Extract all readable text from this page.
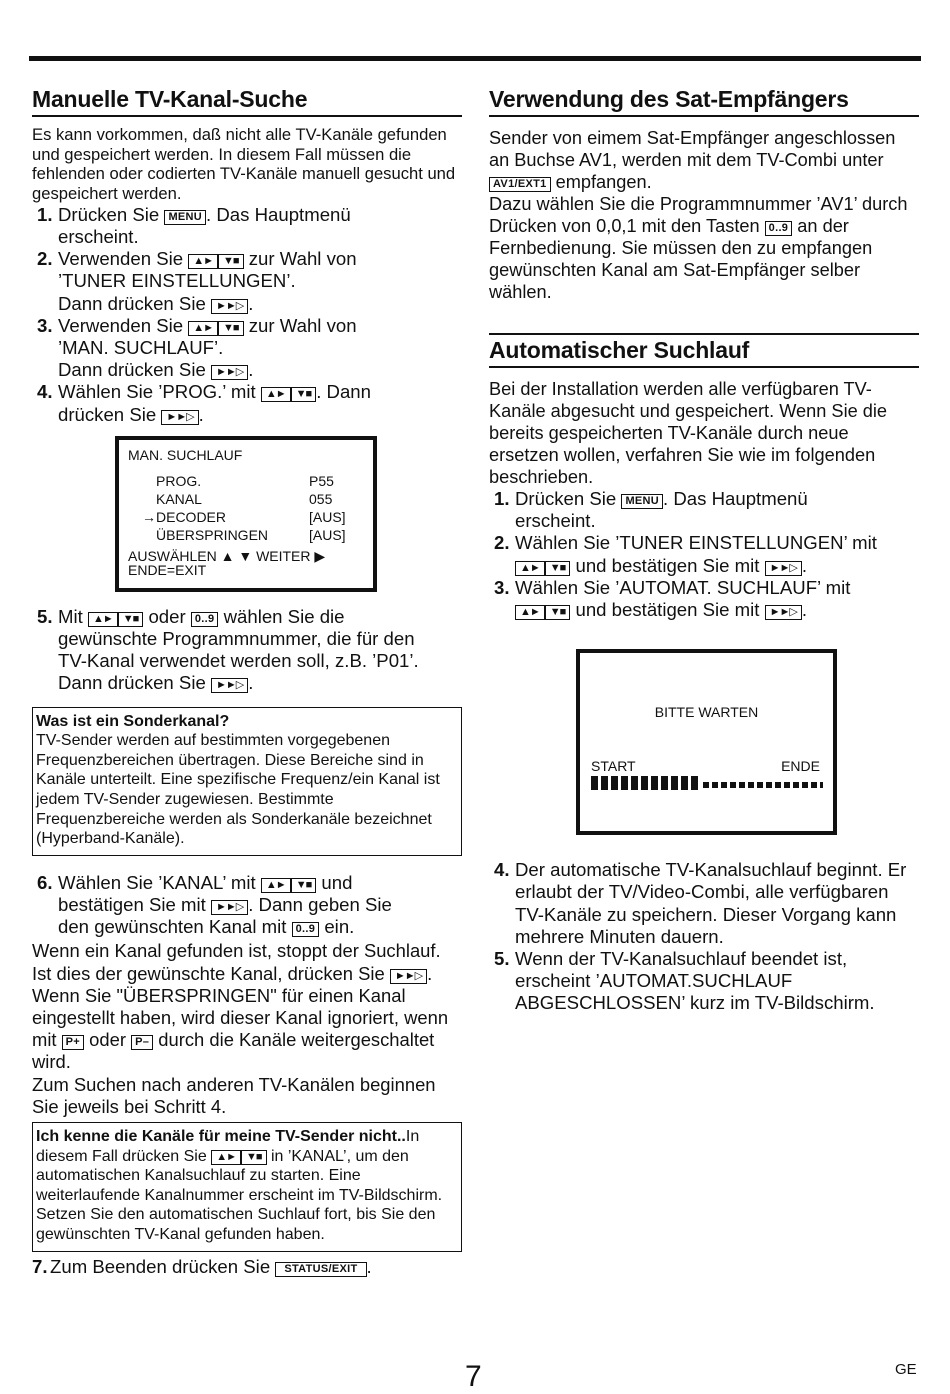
Manuelle TV-Kanal-Suche

Es kann vorkommen, daß nicht alle TV-Kanäle gefunden und gespeichert werden. In diesem Fall müssen die fehlenden oder codierten TV-Kanäle manuell gesucht und gespeichert werden.

1. Drücken Sie MENU . Das Hauptmenü
erscheint.
2. Verwenden Sie ▲► ▼■ zur Wahl von
’TUNER EINSTELLUNGEN’.
Dann drücken Sie ►►▷ .
3. Verwenden Sie ▲► ▼■ zur Wahl von
’MAN. SUCHLAUF’.
Dann drücken Sie ►►▷ .
4. Wählen Sie ’PROG.’ mit ▲► ▼■ . Dann
drücken Sie ►►▷ .
MAN. SUCHLAUF
PROG.
KANAL
→ DECODER
ÜBERSPRINGEN
P55
055
[AUS]
[AUS]
AUSWÄHLEN ▲ ▼ WEITER ▶
ENDE=EXIT
5. Mit ▲► ▼■ oder 0..9 wählen Sie die
gewünschte Programmnummer, die für den
TV-Kanal verwendet werden soll, z.B. ’P01’.
Dann drücken Sie ►►▷ .
Was ist ein Sonderkanal?
TV-Sender werden auf bestimmten vorgegebenen Frequenzbereichen übertragen. Diese Bereiche sind in Kanäle unterteilt. Eine spezifische Frequenz/ein Kanal ist jedem TV-Sender zugewiesen. Bestimmte Frequenzbereiche werden als Sonderkanäle bezeichnet (Hyperband-Kanäle).
6. Wählen Sie ’KANAL’ mit ▲► ▼■ und
bestätigen Sie mit ►►▷ . Dann geben Sie
den gewünschten Kanal mit 0..9 ein.

Wenn ein Kanal gefunden ist, stoppt der Suchlauf. Ist dies der gewünschte Kanal, drücken Sie ►►▷ . Wenn Sie "ÜBERSPRINGEN" für einen Kanal eingestellt haben, wird dieser Kanal ignoriert, wenn mit P+ oder P– durch die Kanäle weitergeschaltet wird.
Zum Suchen nach anderen TV-Kanälen beginnen Sie jeweils bei Schritt 4.

Ich kenne die Kanäle für meine TV-Sender nicht..In diesem Fall drücken Sie ▲► ▼■ in ’KANAL’, um den automatischen Kanalsuchlauf zu starten. Eine weiterlaufende Kanalnummer erscheint im TV-Bildschirm. Setzen Sie den automatischen Suchlauf fort, bis Sie den gewünschten TV-Kanal gefunden haben.
7. Zum Beenden drücken Sie STATUS/EXIT .
Verwendung des Sat-Empfängers

Sender von eimem Sat-Empfänger angeschlossen an Buchse AV1, werden mit dem TV-Combi unter AV1/EXT1 empfangen.
Dazu wählen Sie die Programmnummer ’AV1’ durch Drücken von 0,0,1 mit den Tasten 0..9 an der Fernbedienung. Sie müssen den zu empfangen gewünschten Kanal am Sat-Empfänger selber wählen.

Automatischer Suchlauf

Bei der Installation werden alle verfügbaren TV-Kanäle abgesucht und gespeichert. Wenn Sie die bereits gespeicherten TV-Kanäle durch neue ersetzen wollen, verfahren Sie wie im folgenden beschrieben.

1. Drücken Sie MENU . Das Hauptmenü
erscheint.
2. Wählen Sie ’TUNER EINSTELLUNGEN’ mit
▲► ▼■ und bestätigen Sie mit ►►▷ .
3. Wählen Sie ’AUTOMAT. SUCHLAUF’ mit
▲► ▼■ und bestätigen Sie mit ►►▷ .
BITTE WARTEN
START	ENDE
4. Der automatische TV-Kanalsuchlauf beginnt. Er erlaubt der TV/Video-Combi, alle verfügbaren TV-Kanäle zu speichern. Dieser Vorgang kann mehrere Minuten dauern.
5. Wenn der TV-Kanalsuchlauf beendet ist, erscheint ’AUTOMAT.SUCHLAUF ABGESCHLOSSEN’ kurz im TV-Bildschirm.
7	GE
